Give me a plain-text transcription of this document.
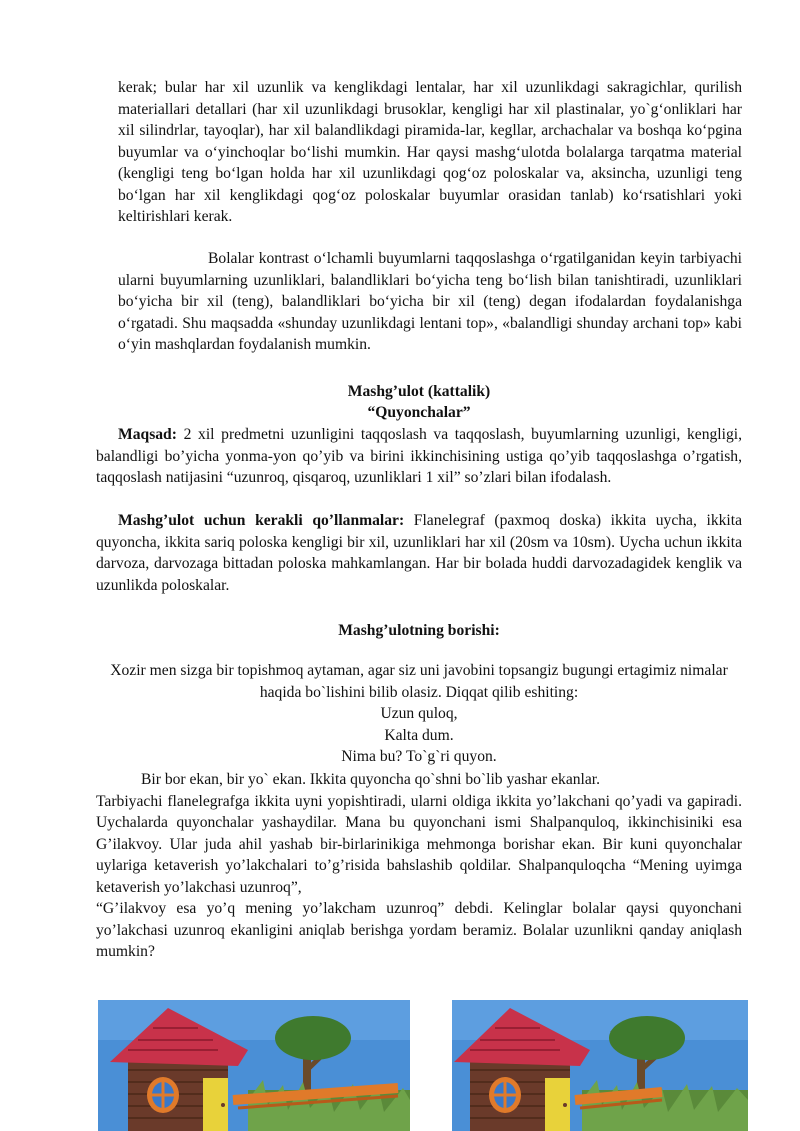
kerak; bular har xil uzunlik va kenglikdagi lentalar, har xil uzunlikdagi sakragichlar, qurilish materiallari detallari (har xil uzunlikdagi brusoklar, kengligi har xil plastinalar, yo`g‘onliklari har xil silindrlar, tayoqlar), har xil balandlikdagi piramida-lar, kegllar, archachalar va boshqa ko‘pgina buyumlar va o‘yinchoqlar bo‘lishi mumkin. Har qaysi mashg‘ulotda bolalarga tarqatma material (kengligi teng bo‘lgan holda har xil uzunlikdagi qog‘oz poloskalar va, aksincha, uzunligi teng bo‘lgan har xil kenglikdagi qog‘oz poloskalar buyumlar orasidan tanlab) ko‘rsatishlari yoki keltirishlari kerak.

Bolalar kontrast o‘lchamli buyumlarni taqqoslashga o‘rgatilganidan keyin tarbiyachi ularni buyumlarning uzunliklari, balandliklari bo‘yicha teng bo‘lish bilan tanishtiradi, uzunliklari bo‘yicha bir xil (teng), balandliklari bo‘yicha bir xil (teng) degan ifodalardan foydalanishga o‘rgatadi. Shu maqsadda «shunday uzunlikdagi lentani top», «balandligi shunday archani top» kabi o‘yin mashqlardan foydalanish mumkin.

Mashg’ulot (kattalik)

“Quyonchalar”

Maqsad: 2 xil predmetni uzunligini taqqoslash va taqqoslash, buyumlarning uzunligi, kengligi, balandligi bo’yicha yonma-yon qo’yib va birini ikkinchisining ustiga qo’yib taqqoslashga o’rgatish, taqqoslash natijasini “uzunroq, qisqaroq, uzunliklari 1 xil” so’zlari bilan ifodalash.

Mashg’ulot uchun kerakli qo’llanmalar: Flanelegraf (paxmoq doska) ikkita uycha, ikkita quyoncha, ikkita sariq poloska kengligi bir xil, uzunliklari har xil (20sm va 10sm). Uycha uchun ikkita darvoza, darvozaga bittadan poloska mahkamlangan. Har bir bolada huddi darvozadagidek kenglik va uzunlikda poloskalar.

Mashg’ulotning borishi:

Xozir men sizga bir topishmoq aytaman, agar siz uni javobini topsangiz bugungi ertagimiz nimalar haqida bo`lishini bilib olasiz. Diqqat qilib eshiting:
Uzun quloq,
Kalta dum.
Nima bu? To`g`ri quyon.
Bir bor ekan, bir yo` ekan. Ikkita quyoncha qo`shni bo`lib yashar ekanlar.
Tarbiyachi flanelegrafga ikkita uyni yopishtiradi, ularni oldiga ikkita yo’lakchani qo’yadi va gapiradi. Uychalarda quyonchalar yashaydilar. Mana bu quyonchani ismi Shalpanquloq, ikkinchisiniki esa G’ilakvoy. Ular juda ahil yashab bir-birlarinikiga mehmonga borishar ekan. Bir kuni quyonchalar uylariga ketaverish yo’lakchalari to’g’risida bahslashib qoldilar. Shalpanquloqcha “Mening uyimga ketaverish yo’lakchasi uzunroq”,
“G’ilakvoy esa yo’q mening yo’lakcham uzunroq” debdi. Kelinglar bolalar qaysi quyonchani yo’lakchasi uzunroq ekanligini aniqlab berishga yordam beramiz. Bolalar uzunlikni qanday aniqlash mumkin?
